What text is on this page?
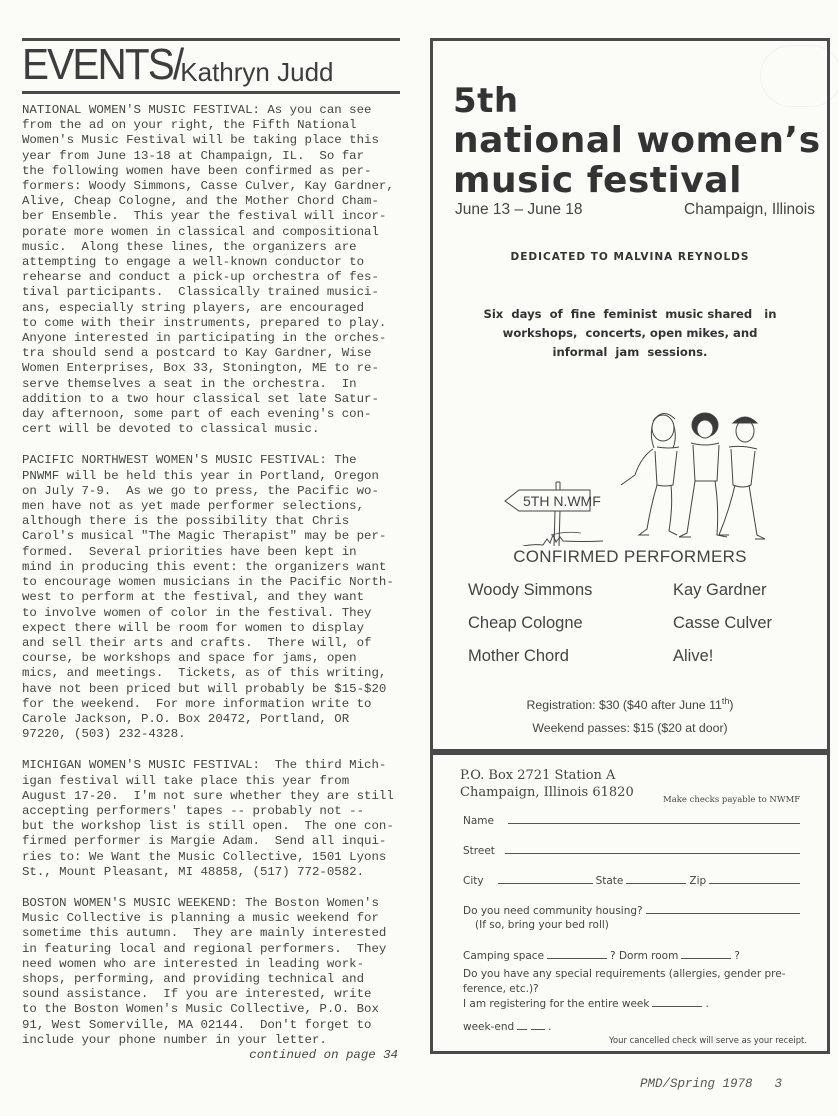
EVENTS/
Kathryn Judd
NATIONAL WOMEN'S MUSIC FESTIVAL: As you can see
from the ad on your right, the Fifth National
Women's Music Festival will be taking place this
year from June 13-18 at Champaign, IL.  So far
the following women have been confirmed as per-
formers: Woody Simmons, Casse Culver, Kay Gardner,
Alive, Cheap Cologne, and the Mother Chord Cham-
ber Ensemble.  This year the festival will incor-
porate more women in classical and compositional
music.  Along these lines, the organizers are
attempting to engage a well-known conductor to
rehearse and conduct a pick-up orchestra of fes-
tival participants.  Classically trained musici-
ans, especially string players, are encouraged
to come with their instruments, prepared to play.
Anyone interested in participating in the orches-
tra should send a postcard to Kay Gardner, Wise
Women Enterprises, Box 33, Stonington, ME to re-
serve themselves a seat in the orchestra.  In
addition to a two hour classical set late Satur-
day afternoon, some part of each evening's con-
cert will be devoted to classical music.
PACIFIC NORTHWEST WOMEN'S MUSIC FESTIVAL: The
PNWMF will be held this year in Portland, Oregon
on July 7-9.  As we go to press, the Pacific wo-
men have not as yet made performer selections,
although there is the possibility that Chris
Carol's musical "The Magic Therapist" may be per-
formed.  Several priorities have been kept in
mind in producing this event: the organizers want
to encourage women musicians in the Pacific North-
west to perform at the festival, and they want
to involve women of color in the festival. They
expect there will be room for women to display
and sell their arts and crafts.  There will, of
course, be workshops and space for jams, open
mics, and meetings.  Tickets, as of this writing,
have not been priced but will probably be $15-$20
for the weekend.  For more information write to
Carole Jackson, P.O. Box 20472, Portland, OR
97220, (503) 232-4328.
MICHIGAN WOMEN'S MUSIC FESTIVAL:  The third Mich-
igan festival will take place this year from
August 17-20.  I'm not sure whether they are still
accepting performers' tapes -- probably not --
but the workshop list is still open.  The one con-
firmed performer is Margie Adam.  Send all inqui-
ries to: We Want the Music Collective, 1501 Lyons
St., Mount Pleasant, MI 48858, (517) 772-0582.
BOSTON WOMEN'S MUSIC WEEKEND: The Boston Women's
Music Collective is planning a music weekend for
sometime this autumn.  They are mainly interested
in featuring local and regional performers.  They
need women who are interested in leading work-
shops, performing, and providing technical and
sound assistance.  If you are interested, write
to the Boston Women's Music Collective, P.O. Box
91, West Somerville, MA 02144.  Don't forget to
include your phone number in your letter.
continued on page 34
PMD/Spring 1978 3
5th
national women’s
music festival
June 13 – June 18	Champaign, Illinois
DEDICATED TO MALVINA REYNOLDS
Six  days  of  fine  feminist  music shared   in
workshops,  concerts, open mikes, and
informal  jam  sessions.
5TH N.WMF
CONFIRMED PERFORMERS
Woody Simmons	Kay Gardner
Cheap Cologne	Casse Culver
Mother Chord	Alive!
Registration: $30 ($40 after June 11th)
Weekend passes: $15 ($20 at door)
P.O. Box 2721 Station A
Champaign, Illinois 61820	Make checks payable to NWMF
Name
Street
City	State	Zip
Do you need community housing?
(If so, bring your bed roll)
Camping space	? Dorm room	?
Do you have any special requirements (allergies, gender pre-
ference, etc.)?
I am registering for the entire week	.
week-end	.
Your cancelled check will serve as your receipt.
